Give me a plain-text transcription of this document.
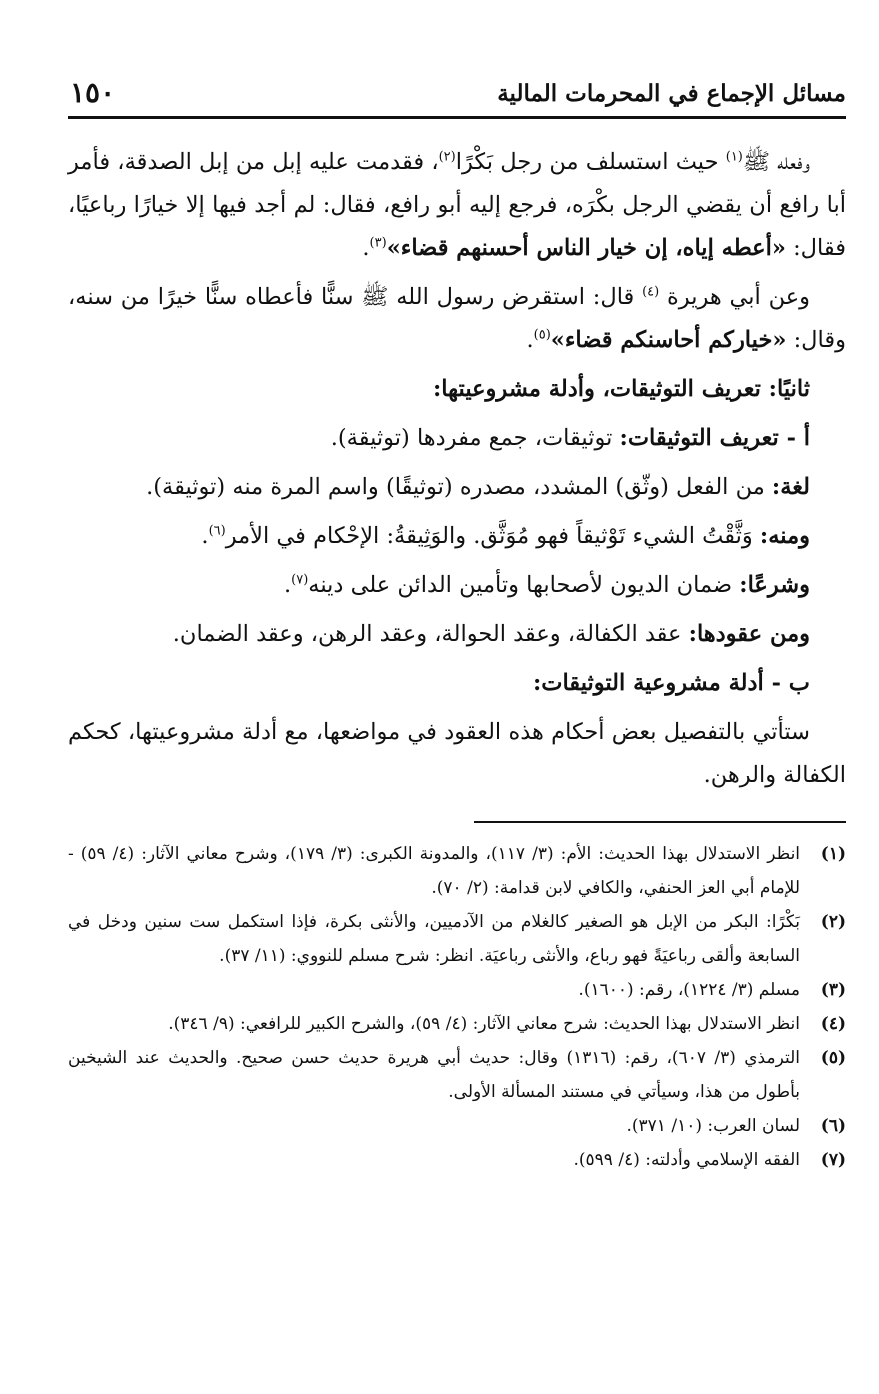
مسائل الإجماع في المحرمات المالية
١٥٠

وفعله ﷺ$^{(١)}$ حيث استسلف من رجل بَكْرًا$^{(٢)}$، فقدمت عليه إبل من إبل الصدقة، فأمر أبا رافع أن يقضي الرجل بكْرَه، فرجع إليه أبو رافع، فقال: لم أجد فيها إلا خيارًا رباعيًا، فقال: «أعطه إياه، إن خيار الناس أحسنهم قضاء»$^{(٣)}$.

وعن أبي هريرة $^{(٤)}$ قال: استقرض رسول الله ﷺ سنًّا فأعطاه سنًّا خيرًا من سنه، وقال: «خياركم أحاسنكم قضاء»$^{(٥)}$.

ثانيًا: تعريف التوثيقات، وأدلة مشروعيتها:

أ - تعريف التوثيقات: توثيقات، جمع مفردها (توثيقة).

لغة: من الفعل (وثّق) المشدد، مصدره (توثيقًا) واسم المرة منه (توثيقة).

ومنه: وَثَّقْتُ الشيء تَوْثيقاً فهو مُوَثَّق. والوَثِيقةُ: الإحْكام في الأمر$^{(٦)}$.

وشرعًا: ضمان الديون لأصحابها وتأمين الدائن على دينه$^{(٧)}$.

ومن عقودها: عقد الكفالة، وعقد الحوالة، وعقد الرهن، وعقد الضمان.

ب - أدلة مشروعية التوثيقات:

ستأتي بالتفصيل بعض أحكام هذه العقود في مواضعها، مع أدلة مشروعيتها، كحكم الكفالة والرهن.

(١)
انظر الاستدلال بهذا الحديث: الأم: (٣/ ١١٧)، والمدونة الكبرى: (٣/ ١٧٩)، وشرح معاني الآثار: (٤/ ٥٩) - للإمام أبي العز الحنفي، والكافي لابن قدامة: (٢/ ٧٠).
(٢)
بَكْرًا: البكر من الإبل هو الصغير كالغلام من الآدميين، والأنثى بكرة، فإذا استكمل ست سنين ودخل في السابعة وألقى رباعيَةً فهو رباع، والأنثى رباعيَة. انظر: شرح مسلم للنووي: (١١/ ٣٧).
(٣)
مسلم (٣/ ١٢٢٤)، رقم: (١٦٠٠).
(٤)
انظر الاستدلال بهذا الحديث: شرح معاني الآثار: (٤/ ٥٩)، والشرح الكبير للرافعي: (٩/ ٣٤٦).
(٥)
الترمذي (٣/ ٦٠٧)، رقم: (١٣١٦) وقال: حديث أبي هريرة حديث حسن صحيح. والحديث عند الشيخين بأطول من هذا، وسيأتي في مستند المسألة الأولى.
(٦)
لسان العرب: (١٠/ ٣٧١).
(٧)
الفقه الإسلامي وأدلته: (٤/ ٥٩٩).
